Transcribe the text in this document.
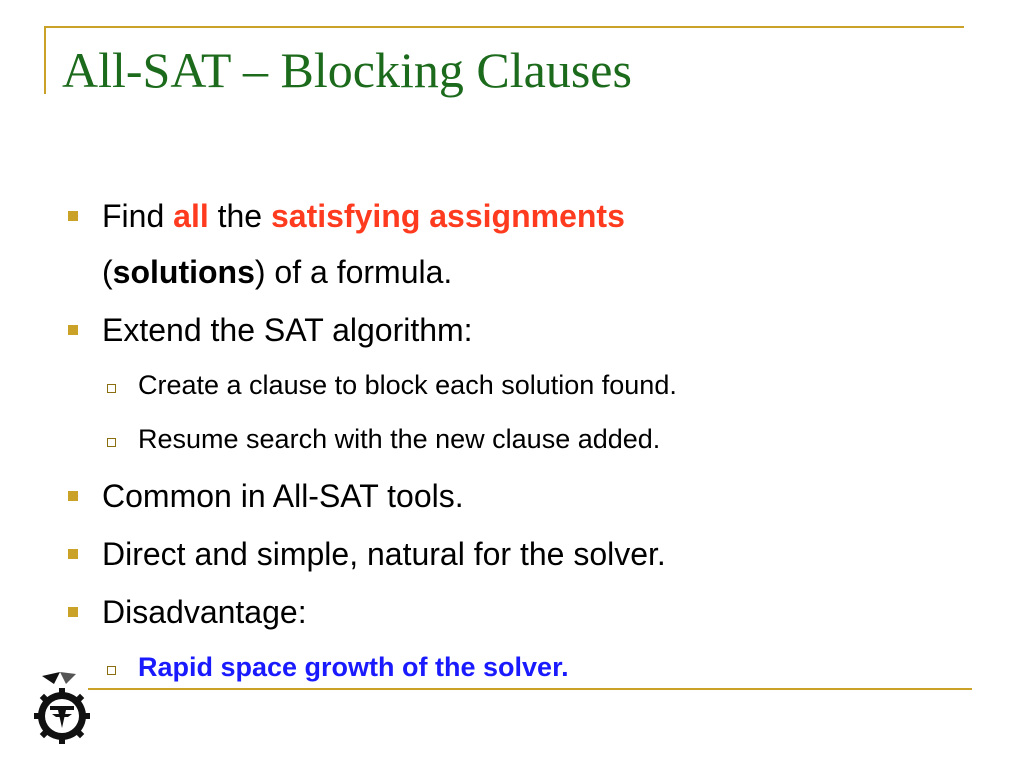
All-SAT – Blocking Clauses
Find all the satisfying assignments
(solutions) of a formula.
Extend the SAT algorithm:
Create a clause to block each solution found.
Resume search with the new clause added.
Common in All-SAT tools.
Direct and simple, natural for the solver.
Disadvantage:
Rapid space growth of the solver.
